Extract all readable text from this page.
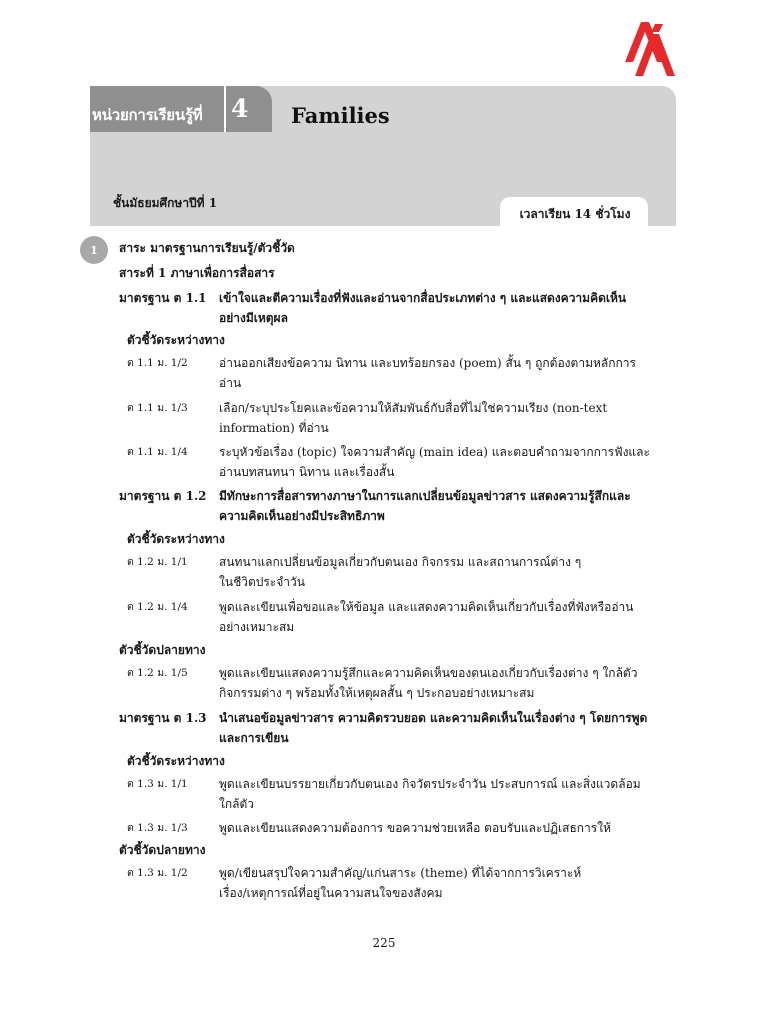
หน่วยการเรียนรู้ที่	4	Families
ชั้นมัธยมศึกษาปีที่ 1
เวลาเรียน 14 ชั่วโมง
1	สาระ มาตรฐานการเรียนรู้/ตัวชี้วัด
สาระที่ 1 ภาษาเพื่อการสื่อสาร
มาตรฐาน ต 1.1 เข้าใจและตีความเรื่องที่ฟังและอ่านจากสื่อประเภทต่าง ๆ และแสดงความคิดเห็น
อย่างมีเหตุผล
ตัวชี้วัดระหว่างทาง
ต 1.1 ม. 1/2	อ่านออกเสียงข้อความ นิทาน และบทร้อยกรอง (poem) สั้น ๆ ถูกต้องตามหลักการ
อ่าน
ต 1.1 ม. 1/3	เลือก/ระบุประโยคและข้อความให้สัมพันธ์กับสื่อที่ไม่ใช่ความเรียง (non-text
information) ที่อ่าน
ต 1.1 ม. 1/4	ระบุหัวข้อเรื่อง (topic) ใจความสำคัญ (main idea) และตอบคำถามจากการฟังและ
อ่านบทสนทนา นิทาน และเรื่องสั้น
มาตรฐาน ต 1.2 มีทักษะการสื่อสารทางภาษาในการแลกเปลี่ยนข้อมูลข่าวสาร แสดงความรู้สึกและ
ความคิดเห็นอย่างมีประสิทธิภาพ
ตัวชี้วัดระหว่างทาง
ต 1.2 ม. 1/1	สนทนาแลกเปลี่ยนข้อมูลเกี่ยวกับตนเอง กิจกรรม และสถานการณ์ต่าง ๆ
ในชีวิตประจำวัน
ต 1.2 ม. 1/4	พูดและเขียนเพื่อขอและให้ข้อมูล และแสดงความคิดเห็นเกี่ยวกับเรื่องที่ฟังหรืออ่าน
อย่างเหมาะสม
ตัวชี้วัดปลายทาง
ต 1.2 ม. 1/5	พูดและเขียนแสดงความรู้สึกและความคิดเห็นของตนเองเกี่ยวกับเรื่องต่าง ๆ ใกล้ตัว
กิจกรรมต่าง ๆ พร้อมทั้งให้เหตุผลสั้น ๆ ประกอบอย่างเหมาะสม
มาตรฐาน ต 1.3 นำเสนอข้อมูลข่าวสาร ความคิดรวบยอด และความคิดเห็นในเรื่องต่าง ๆ โดยการพูด
และการเขียน
ตัวชี้วัดระหว่างทาง
ต 1.3 ม. 1/1	พูดและเขียนบรรยายเกี่ยวกับตนเอง กิจวัตรประจำวัน ประสบการณ์ และสิ่งแวดล้อม
ใกล้ตัว
ต 1.3 ม. 1/3	พูดและเขียนแสดงความต้องการ ขอความช่วยเหลือ ตอบรับและปฏิเสธการให้
ตัวชี้วัดปลายทาง
ต 1.3 ม. 1/2	พูด/เขียนสรุปใจความสำคัญ/แก่นสาระ (theme) ที่ได้จากการวิเคราะห์
เรื่อง/เหตุการณ์ที่อยู่ในความสนใจของสังคม
225
